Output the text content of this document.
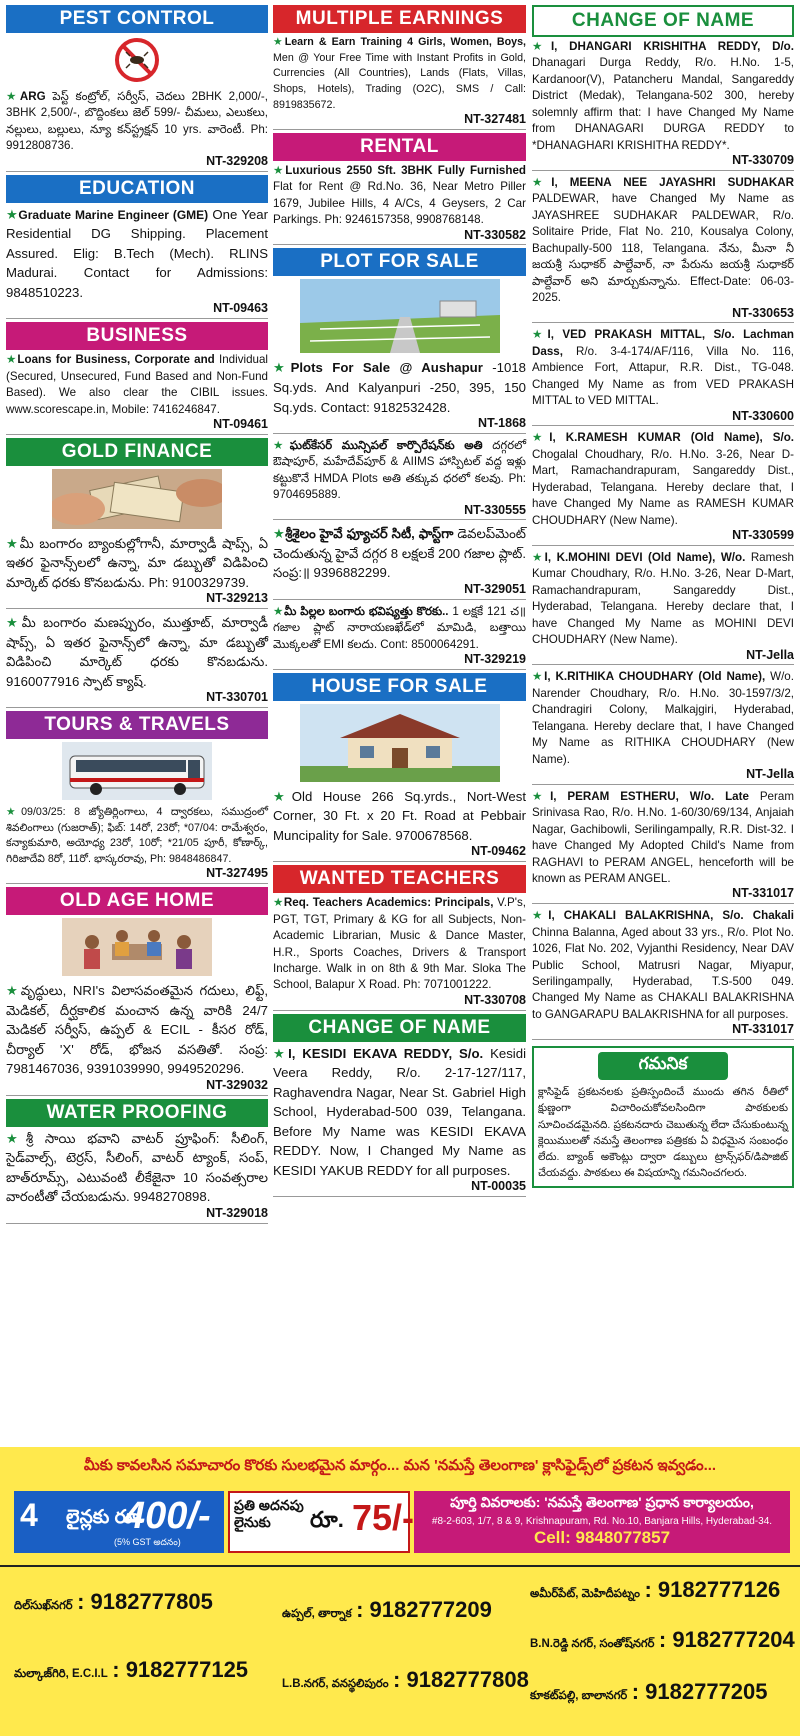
PEST CONTROL
★ARG పెస్ట్ కంట్రోల్, సర్వీస్, చెదలు 2BHK 2,000/-, 3BHK 2,500/-, బొద్దింకలు జెల్ 599/- చీమలు, ఎలుకలు, నల్లులు, బల్లులు, న్యూ కన్‌స్ట్రక్షన్ 10 yrs. వారెంటీ. Ph: 9912808736.
NT-329208
EDUCATION
★Graduate Marine Engineer (GME) One Year Residential DG Shipping. Placement Assured. Elig: B.Tech (Mech). RLINS Madurai. Contact for Admissions: 9848510223.
NT-09463
BUSINESS
★Loans for Business, Corporate and Individual (Secured, Unsecured, Fund Based and Non-Fund Based). We also clear the CIBIL issues. www.scorescape.in, Mobile: 7416246847.
NT-09461
GOLD FINANCE
★మీ బంగారం బ్యాంకుల్లోగానీ, మార్వాడీ షాప్స్, ఏ ఇతర ఫైనాన్స్‌లలో ఉన్నా, మా డబ్బుతో విడిపించి మార్కెట్ ధరకు కొనబడును. Ph: 9100329739.
NT-329213
★మీ బంగారం మణప్పురం, ముత్తూట్, మార్వాడీ షాప్స్, ఏ ఇతర ఫైనాన్స్‌లో ఉన్నా, మా డబ్బుతో విడిపించి మార్కెట్ ధరకు కొనబడును. 9160077916 స్పాట్ క్యాష్.
NT-330701
TOURS & TRAVELS
★09/03/25: 8 జ్యోతిర్లింగాలు, 4 ద్వారకలు, సముద్రంలో శివలింగాలు (గుజరాత్); ఫిబ్: 14రో, 23రో; *07/04: రామేశ్వరం, కన్యాకుమారి, అయోధ్య 23రో, 10రో; *21/05 పూరీ, కోణార్క్, గిరిజాదేవి 8రో, 11రో. భాస్కరరావు, Ph: 9848486847.
NT-327495
OLD AGE HOME
★వృద్ధులు, NRI's విలాసవంతమైన గదులు, లిఫ్ట్, మెడికల్, దీర్ఘకాలిక మంచాన ఉన్న వారికి 24/7 మెడికల్ సర్వీస్, ఉప్పల్ & ECIL - కీసర రోడ్, చీర్యాల్ 'X' రోడ్, భోజన వసతితో. సంప్ర: 7981467036, 9391039990, 9949520296.
NT-329032
WATER PROOFING
★శ్రీ సాయి భవాని వాటర్ ప్రూఫింగ్: సీలింగ్, సైడ్‌వాల్స్, టెర్రస్, సీలింగ్, వాటర్ ట్యాంక్, సంప్, బాత్‌రూమ్స్, ఎటువంటి లీకేజైనా 10 సంవత్సరాల వారంటీతో చేయబడును. 9948270898.
NT-329018
MULTIPLE EARNINGS
★Learn & Earn Training 4 Girls, Women, Boys, Men @ Your Free Time with Instant Profits in Gold, Currencies (All Countries), Lands (Flats, Villas, Shops, Hotels), Trading (O2C), SMS / Call: 8919835672.
NT-327481
RENTAL
★Luxurious 2550 Sft. 3BHK Fully Furnished Flat for Rent @ Rd.No. 36, Near Metro Piller 1679, Jubilee Hills, 4 A/Cs, 4 Geysers, 2 Car Parkings. Ph: 9246157358, 9908768148.
NT-330582
PLOT FOR SALE
★Plots For Sale @ Aushapur -1018 Sq.yds. And Kalyanpuri -250, 395, 150 Sq.yds. Contact: 9182532428.
NT-1868
★ఘట్‌కేసర్ మున్సిపల్ కార్పొరేషన్‌కు అతి దగ్గరలో ఔషాపూర్, మహేదేవ్‌పూర్ & AIIMS హాస్పిటల్ వద్ద ఇళ్లు కట్టుకొనే HMDA Plots అతి తక్కువ ధరలో కలవు. Ph: 9704695889.
NT-330555
★శ్రీశైలం హైవే ఫ్యూచర్ సిటీ, ఫాస్ట్‌గా డెవలప్‌మెంట్ చెందుతున్న హైవే దగ్గర 8 లక్షలకే 200 గజాల ప్లాట్. సంప్ర:॥ 9396882299.
NT-329051
★మీ పిల్లల బంగారు భవిష్యత్తు కొరకు.. 1 లక్షకే 121 చ॥ గజాల ప్లాట్ నారాయణఖేడ్‌లో మామిడి, బత్తాయి మొక్కలతో EMI కలదు. Cont: 8500064291.
NT-329219
HOUSE FOR SALE
★Old House 266 Sq.yrds., Nort-West Corner, 30 Ft. x 20 Ft. Road at Pebbair Muncipality for Sale. 9700678568.
NT-09462
WANTED TEACHERS
★Req. Teachers Academics: Principals, V.P's, PGT, TGT, Primary & KG for all Subjects, Non-Academic Librarian, Music & Dance Master, H.R., Sports Coaches, Drivers & Transport Incharge. Walk in on 8th & 9th Mar. Sloka The School, Balapur X Road. Ph: 7071001222.
NT-330708
CHANGE OF NAME
★I, KESIDI EKAVA REDDY, S/o. Kesidi Veera Reddy, R/o. 2-17-127/117, Raghavendra Nagar, Near St. Gabriel High School, Hyderabad-500 039, Telangana. Before My Name was KESIDI EKAVA REDDY. Now, I Changed My Name as KESIDI YAKUB REDDY for all purposes.
NT-00035
CHANGE OF NAME
★I, DHANGARI KRISHITHA REDDY, D/o. Dhanagari Durga Reddy, R/o. H.No. 1-5, Kardanoor(V), Patancheru Mandal, Sangareddy District (Medak), Telangana-502 300, hereby solemnly affirm that: I have Changed My Name from DHANAGARI DURGA REDDY to *DHANAGHARI KRISHITHA REDDY*.
NT-330709
★I, MEENA NEE JAYASHRI SUDHAKAR PALDEWAR, have Changed My Name as JAYASHREE SUDHAKAR PALDEWAR, R/o. Solitaire Pride, Flat No. 210, Kousalya Colony, Bachupally-500 118, Telangana. నేను, మీనా నీ జయశ్రీ సుధాకర్ పాల్దేవార్, నా పేరును జయశ్రీ సుధాకర్ పాల్దేవార్ అని మార్చుకున్నాను. Effect-Date: 06-03-2025.
NT-330653
★I, VED PRAKASH MITTAL, S/o. Lachman Dass, R/o. 3-4-174/AF/116, Villa No. 116, Ambience Fort, Attapur, R.R. Dist., TG-048. Changed My Name as from VED PRAKASH MITTAL to VED MITTAL.
NT-330600
★I, K.RAMESH KUMAR (Old Name), S/o. Chogalal Choudhary, R/o. H.No. 3-26, Near D-Mart, Ramachandrapuram, Sangareddy Dist., Hyderabad, Telangana. Hereby declare that, I have Changed My Name as RAMESH KUMAR CHOUDHARY (New Name).
NT-330599
★I, K.MOHINI DEVI (Old Name), W/o. Ramesh Kumar Choudhary, R/o. H.No. 3-26, Near D-Mart, Ramachandrapuram, Sangareddy Dist., Hyderabad, Telangana. Hereby declare that, I have Changed My Name as MOHINI DEVI CHOUDHARY (New Name).
NT-Jella
★I, K.RITHIKA CHOUDHARY (Old Name), W/o. Narender Choudhary, R/o. H.No. 30-1597/3/2, Chandragiri Colony, Malkajgiri, Hyderabad, Telangana. Hereby declare that, I have Changed My Name as RITHIKA CHOUDHARY (New Name).
NT-Jella
★I, PERAM ESTHERU, W/o. Late Peram Srinivasa Rao, R/o. H.No. 1-60/30/69/134, Anjaiah Nagar, Gachibowli, Serilingampally, R.R. Dist-32. I have Changed My Adopted Child's Name from RAGHAVI to PERAM ANGEL, henceforth will be known as PERAM ANGEL.
NT-331017
★I, CHAKALI BALAKRISHNA, S/o. Chakali Chinna Balanna, Aged about 33 yrs., R/o. Plot No. 1026, Flat No. 202, Vyjanthi Residency, Near DAV Public School, Matrusri Nagar, Miyapur, Serilingampally, Hyderabad, T.S-500 049. Changed My Name as CHAKALI BALAKRISHNA to GANGARAPU BALAKRISHNA for all purposes.
NT-331017
గమనిక
క్లాసిఫైడ్ ప్రకటనలకు ప్రతిస్పందించే ముందు తగిన రీతిలో క్షుణ్ణంగా విచారించుకోవలసిందిగా పాఠకులకు సూచించడమైనది. ప్రకటనదారు చెబుతున్న లేదా చేసుకుంటున్న క్లెయిములతో నమస్తే తెలంగాణ పత్రికకు ఏ విధమైన సంబంధం లేదు. బ్యాంక్ అకౌంట్లు ద్వారా డబ్బులు ట్రాన్స్‌ఫర్/డిపాజిట్ చేయవద్దు. పాఠకులు ఈ విషయాన్ని గమనించగలరు.
మీకు కావలసిన సమాచారం కొరకు సులభమైన మార్గం... మన 'నమస్తే తెలంగాణ' క్లాసిఫైడ్స్‌లో ప్రకటన ఇవ్వడం...
4 లైన్లకు రూ.
400/-
(5% GST అదనం)
ప్రతి అదనపు లైనుకు	రూ. 75/-	పూర్తి వివరాలకు: 'నమస్తే తెలంగాణ' ప్రధాన కార్యాలయం,
#8-2-603, 1/7, 8 & 9, Krishnapuram, Rd. No.10, Banjara Hills, Hyderabad-34.
Cell: 9848077857
దిల్‌సుఖ్‌నగర్ : 9182777805	ఉప్పల్, తార్నాక : 9182777209
అమీర్‌పేట్, మెహిదీపట్నం : 9182777126
మల్కాజ్‌గిరి, E.C.I.L : 9182777125
L.B.నగర్, వనస్థలిపురం : 9182777808
B.N.రెడ్డి నగర్, సంతోష్‌నగర్ : 9182777204
కూకట్‌పల్లి, బాలానగర్ : 9182777205
